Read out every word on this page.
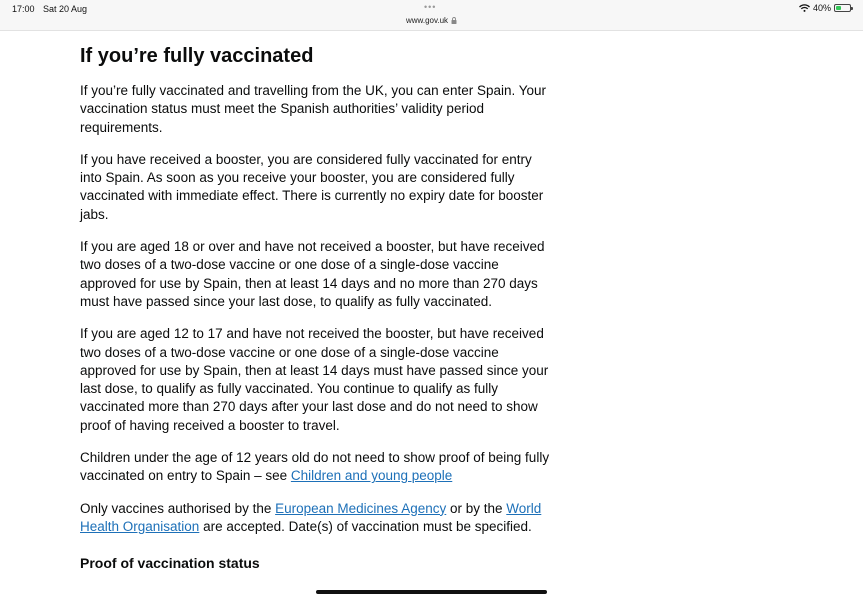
17:00 Sat 20 Aug	•••
www.gov.uk
40%
If you’re fully vaccinated

If you’re fully vaccinated and travelling from the UK, you can enter Spain. Your vaccination status must meet the Spanish authorities’ validity period requirements.

If you have received a booster, you are considered fully vaccinated for entry into Spain. As soon as you receive your booster, you are considered fully vaccinated with immediate effect. There is currently no expiry date for booster jabs.

If you are aged 18 or over and have not received a booster, but have received two doses of a two-dose vaccine or one dose of a single-dose vaccine approved for use by Spain, then at least 14 days and no more than 270 days must have passed since your last dose, to qualify as fully vaccinated.

If you are aged 12 to 17 and have not received the booster, but have received two doses of a two-dose vaccine or one dose of a single-dose vaccine approved for use by Spain, then at least 14 days must have passed since your last dose, to qualify as fully vaccinated. You continue to qualify as fully vaccinated more than 270 days after your last dose and do not need to show proof of having received a booster to travel.

Children under the age of 12 years old do not need to show proof of being fully vaccinated on entry to Spain – see Children and young people

Only vaccines authorised by the European Medicines Agency or by the World Health Organisation are accepted. Date(s) of vaccination must be specified.

Proof of vaccination status
